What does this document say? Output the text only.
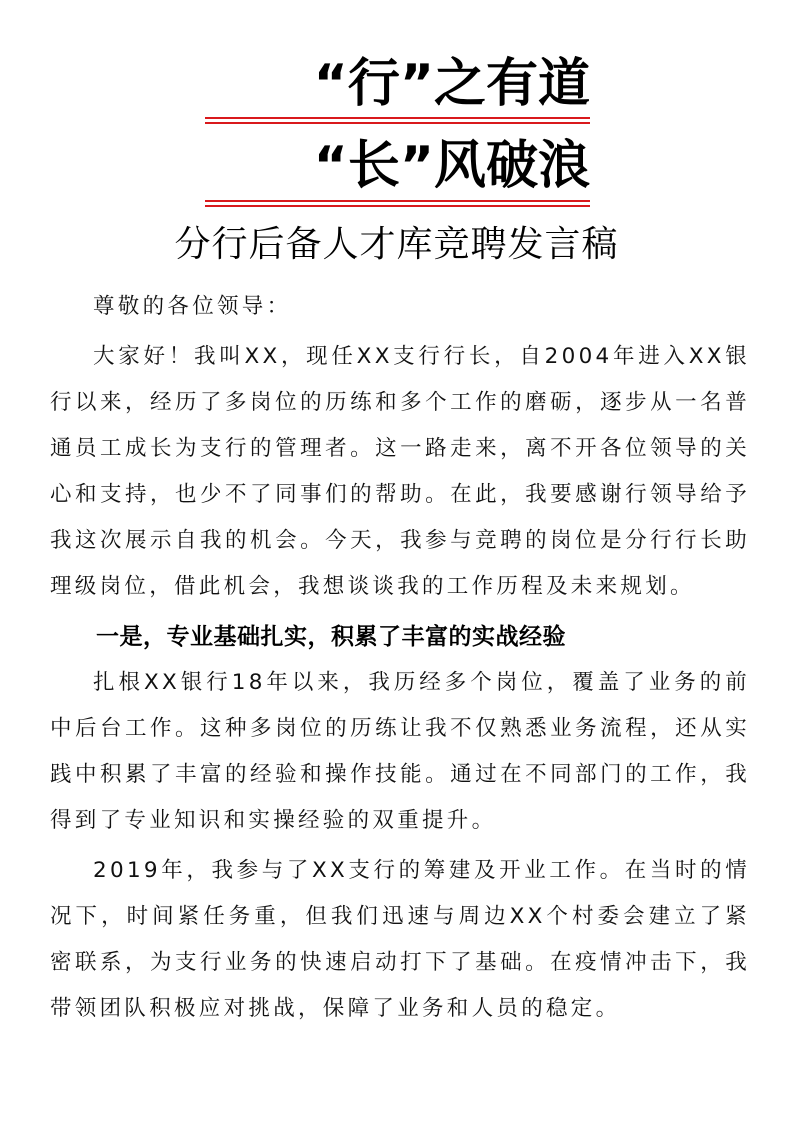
“行”之有道
“长”风破浪
分行后备人才库竞聘发言稿

尊敬的各位领导：

大家好！我叫XX，现任XX支行行长，自2004年进入XX银行以来，经历了多岗位的历练和多个工作的磨砺，逐步从一名普通员工成长为支行的管理者。这一路走来，离不开各位领导的关心和支持，也少不了同事们的帮助。在此，我要感谢行领导给予我这次展示自我的机会。今天，我参与竞聘的岗位是分行行长助理级岗位，借此机会，我想谈谈我的工作历程及未来规划。

一是，专业基础扎实，积累了丰富的实战经验

扎根XX银行18年以来，我历经多个岗位，覆盖了业务的前中后台工作。这种多岗位的历练让我不仅熟悉业务流程，还从实践中积累了丰富的经验和操作技能。通过在不同部门的工作，我得到了专业知识和实操经验的双重提升。

2019年，我参与了XX支行的筹建及开业工作。在当时的情况下，时间紧任务重，但我们迅速与周边XX个村委会建立了紧密联系，为支行业务的快速启动打下了基础。在疫情冲击下，我带领团队积极应对挑战，保障了业务和人员的稳定。
